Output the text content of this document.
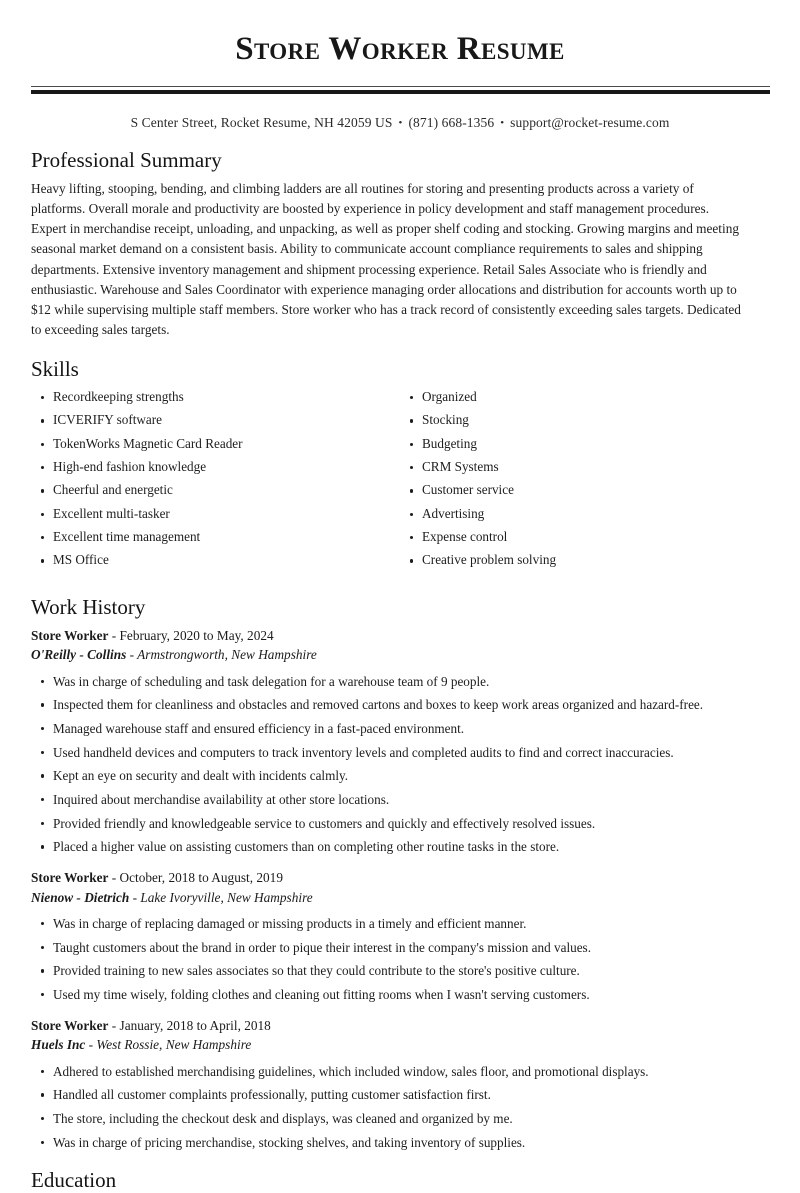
Store Worker Resume
S Center Street, Rocket Resume, NH 42059 US • (871) 668-1356 • support@rocket-resume.com
Professional Summary

Heavy lifting, stooping, bending, and climbing ladders are all routines for storing and presenting products across a variety of platforms. Overall morale and productivity are boosted by experience in policy development and staff management procedures. Expert in merchandise receipt, unloading, and unpacking, as well as proper shelf coding and stocking. Growing margins and meeting seasonal market demand on a consistent basis. Ability to communicate account compliance requirements to sales and shipping departments. Extensive inventory management and shipment processing experience. Retail Sales Associate who is friendly and enthusiastic. Warehouse and Sales Coordinator with experience managing order allocations and distribution for accounts worth up to $12 while supervising multiple staff members. Store worker who has a track record of consistently exceeding sales targets. Dedicated to exceeding sales targets.

Skills
Recordkeeping strengths
ICVERIFY software
TokenWorks Magnetic Card Reader
High-end fashion knowledge
Cheerful and energetic
Excellent multi-tasker
Excellent time management
MS Office
Organized
Stocking
Budgeting
CRM Systems
Customer service
Advertising
Expense control
Creative problem solving
Work History
Store Worker - February, 2020 to May, 2024
O'Reilly - Collins - Armstrongworth, New Hampshire
Was in charge of scheduling and task delegation for a warehouse team of 9 people.
Inspected them for cleanliness and obstacles and removed cartons and boxes to keep work areas organized and hazard-free.
Managed warehouse staff and ensured efficiency in a fast-paced environment.
Used handheld devices and computers to track inventory levels and completed audits to find and correct inaccuracies.
Kept an eye on security and dealt with incidents calmly.
Inquired about merchandise availability at other store locations.
Provided friendly and knowledgeable service to customers and quickly and effectively resolved issues.
Placed a higher value on assisting customers than on completing other routine tasks in the store.
Store Worker - October, 2018 to August, 2019
Nienow - Dietrich - Lake Ivoryville, New Hampshire
Was in charge of replacing damaged or missing products in a timely and efficient manner.
Taught customers about the brand in order to pique their interest in the company's mission and values.
Provided training to new sales associates so that they could contribute to the store's positive culture.
Used my time wisely, folding clothes and cleaning out fitting rooms when I wasn't serving customers.
Store Worker - January, 2018 to April, 2018
Huels Inc - West Rossie, New Hampshire
Adhered to established merchandising guidelines, which included window, sales floor, and promotional displays.
Handled all customer complaints professionally, putting customer satisfaction first.
The store, including the checkout desk and displays, was cleaned and organized by me.
Was in charge of pricing merchandise, stocking shelves, and taking inventory of supplies.
Education
